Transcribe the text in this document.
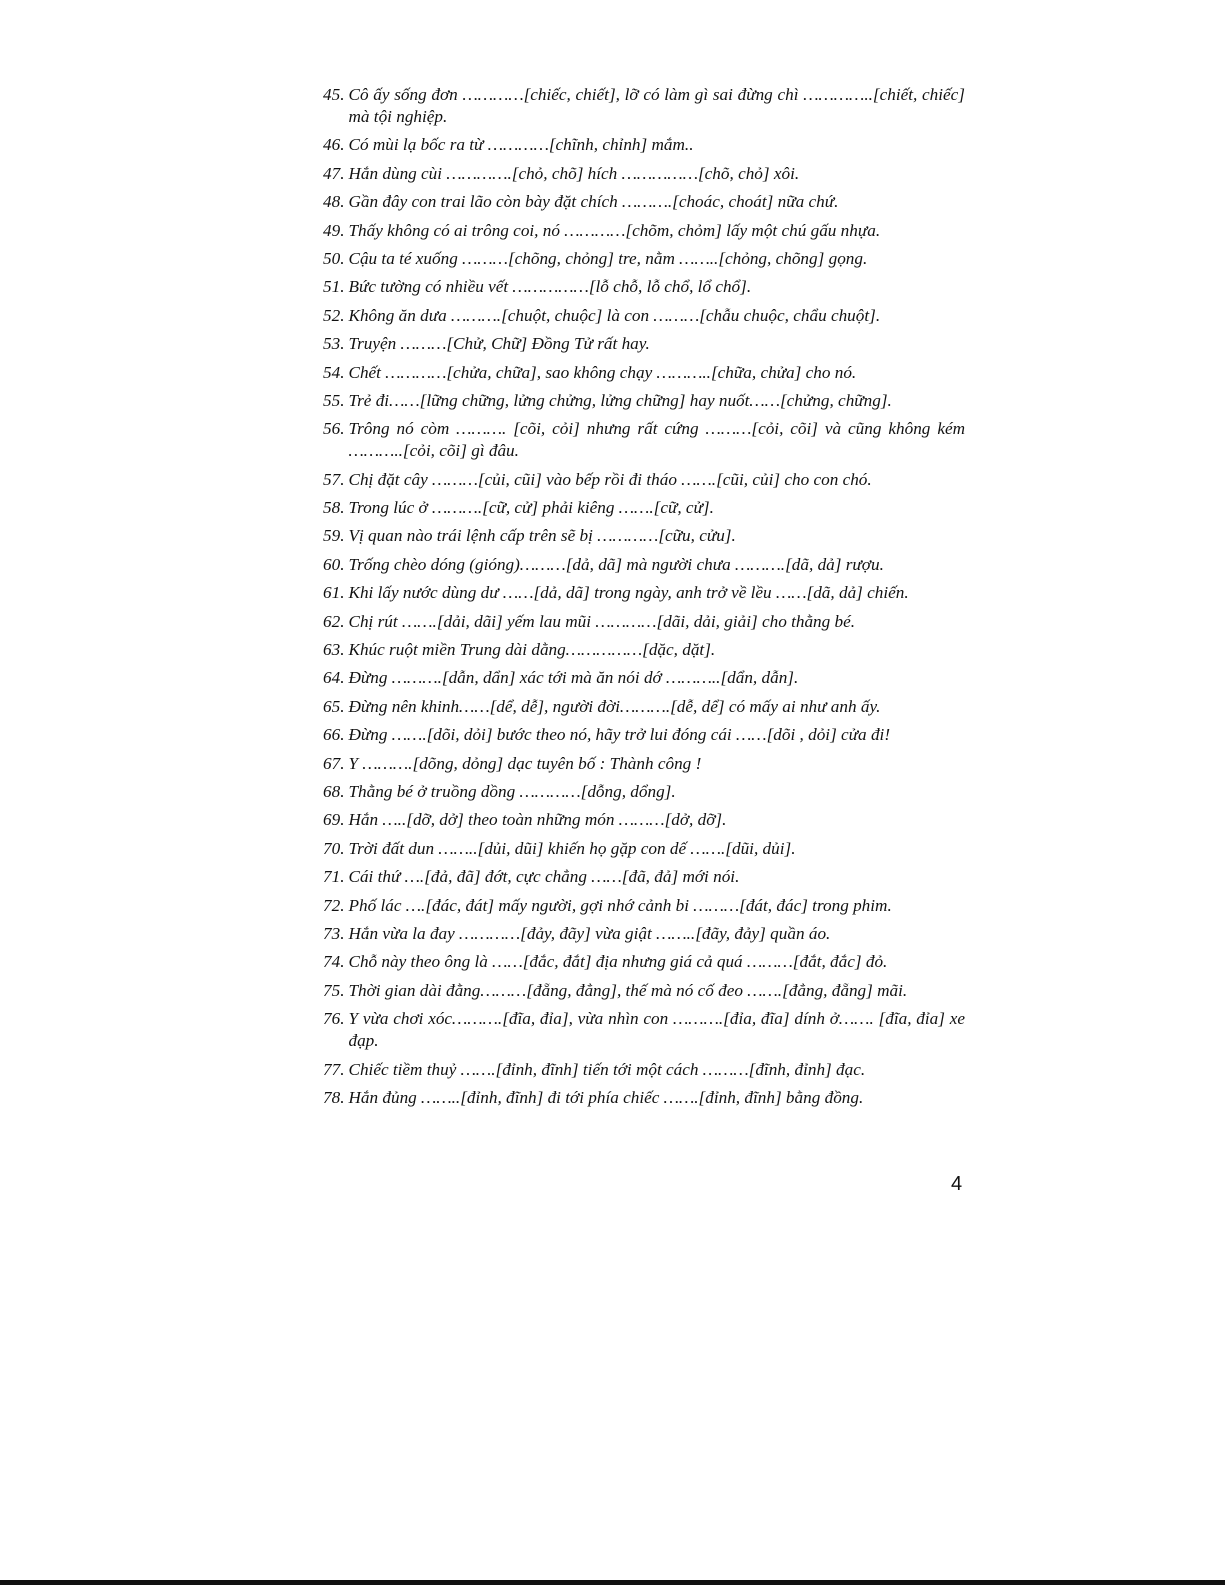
45. Cô ấy sống đơn …………[chiếc, chiết], lỡ có làm gì sai đừng chì …………..[chiết, chiếc] mà tội nghiệp.
46. Có mùi lạ bốc ra từ …………[chĩnh, chỉnh] mắm..
47. Hắn dùng cùi ………….[chỏ, chõ] hích ……………[chõ, chỏ] xôi.
48. Gần đây con trai lão còn bày đặt chích ……….[choác, choát] nữa chứ.
49. Thấy không có ai trông coi, nó …………[chõm, chỏm] lấy một chú gấu nhựa.
50. Cậu ta té xuống ………[chõng, chỏng] tre, nằm ……..[chỏng, chõng] gọng.
51. Bức tường có nhiều vết ……………[lỗ chỗ, lỗ chổ, lổ chổ].
52. Không ăn dưa ……….[chuột, chuộc] là con ………[chẫu chuộc, chẩu chuột].
53. Truyện ………[Chử, Chữ] Đồng Tử rất hay.
54. Chết …………[chửa, chữa], sao không chạy ………..[chữa, chửa] cho nó.
55. Trẻ đi……[lững chững, lửng chửng, lửng chững] hay nuốt……[chửng, chững].
56. Trông nó còm ………. [cõi, cỏi] nhưng rất cứng ………[cỏi, cõi] và cũng không kém ………..[cỏi, cõi] gì đâu.
57. Chị đặt cây ………[củi, cũi] vào bếp rồi đi tháo …….[cũi, củi] cho con chó.
58. Trong lúc ở ……….[cữ, cử] phải kiêng …….[cữ, cử].
59. Vị quan nào trái lệnh cấp trên sẽ bị …………[cữu, cửu].
60. Trống chèo dóng (gióng)………[dả, dã] mà người chưa ……….[dã, dả] rượu.
61. Khi lấy nước dùng dư ……[dả, dã] trong ngày, anh trở về lều ……[dã, dả] chiến.
62. Chị rút …….[dải, dãi] yếm lau mũi …………[dãi, dải, giải] cho thằng bé.
63. Khúc ruột miền Trung dài dằng……………[dặc, dặt].
64. Đừng ……….[dẫn, dẩn] xác tới mà ăn nói dớ ………..[dẩn, dẫn].
65. Đừng nên khinh……[dể, dễ], người đời……….[dễ, dể] có mấy ai như anh ấy.
66. Đừng …….[dõi, dỏi] bước theo nó, hãy trở lui đóng cái ……[dõi , dỏi] cửa đi!
67. Y ……….[dõng, dỏng] dạc tuyên bố : Thành công !
68. Thằng bé ở truồng dồng …………[dỗng, dổng].
69. Hắn …..[dỡ, dở] theo toàn những món ………[dở, dỡ].
70. Trời đất dun ……..[dủi, dũi] khiến họ gặp con dế …….[dũi, dủi].
71. Cái thứ ….[đả, đã] đớt, cực chẳng ……[đã, đả] mới nói.
72. Phố lác ….[đác, đát] mấy người, gợi nhớ cảnh bi ………[đát, đác] trong phim.
73. Hắn vừa la đay …………[đảy, đãy] vừa giật ……..[đãy, đảy] quần áo.
74. Chỗ này theo ông là ……[đắc, đắt] địa nhưng giá cả quá ………[đắt, đắc] đỏ.
75. Thời gian dài đằng………[đẵng, đẳng], thế mà nó cố đeo …….[đẳng, đẵng] mãi.
76. Y vừa chơi xóc……….[đĩa, đỉa], vừa nhìn con ……….[đỉa, đĩa] dính ở……. [đĩa, đỉa] xe đạp.
77. Chiếc tiềm thuỷ …….[đỉnh, đĩnh] tiến tới một cách ………[đĩnh, đỉnh] đạc.
78. Hắn đủng ……..[đỉnh, đĩnh] đi tới phía chiếc …….[đỉnh, đĩnh] bằng đồng.
4
